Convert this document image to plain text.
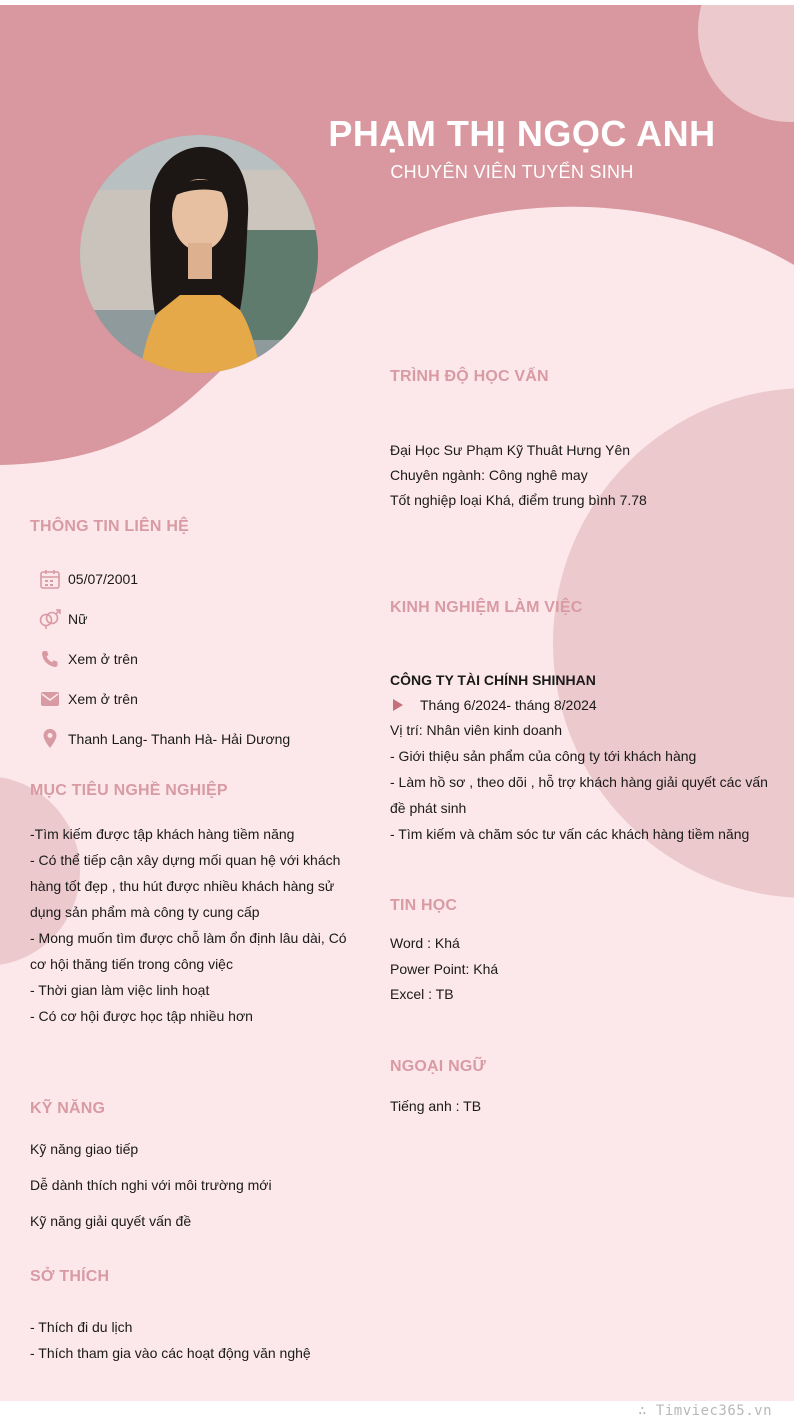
PHẠM THỊ NGỌC ANH
CHUYÊN VIÊN TUYỂN SINH
THÔNG TIN LIÊN HỆ
05/07/2001
Nữ
Xem ở trên
Xem ở trên
Thanh Lang- Thanh Hà- Hải Dương
MỤC TIÊU NGHỀ NGHIỆP

-Tìm kiếm được tập khách hàng tiềm năng

- Có thể tiếp cận xây dựng mối quan hệ với khách

hàng tốt đẹp , thu hút được nhiều khách hàng sử

dụng sản phẩm mà công ty cung cấp

- Mong muốn tìm được chỗ làm ổn định lâu dài, Có

cơ hội thăng tiến trong công việc

- Thời gian làm việc linh hoạt

- Có cơ hội được học tập nhiều hơn

KỸ NĂNG

Kỹ năng giao tiếp

Dễ dành thích nghi với môi trường mới

Kỹ năng giải quyết vấn đề

SỞ THÍCH

- Thích đi du lịch

- Thích tham gia vào các hoạt động văn nghệ

TRÌNH ĐỘ HỌC VẤN

Đại Học Sư Phạm Kỹ Thuât Hưng Yên

Chuyên ngành: Công nghê may

Tốt nghiệp loại Khá, điểm trung bình 7.78

KINH NGHIỆM LÀM VIỆC
CÔNG TY TÀI CHÍNH SHINHAN
Tháng 6/2024- tháng 8/2024

Vị trí: Nhân viên kinh doanh

- Giới thiệu sản phẩm của công ty tới khách hàng

- Làm hồ sơ , theo dõi , hỗ trợ khách hàng giải quyết các vấn

đề phát sinh

- Tìm kiếm và chăm sóc tư vấn các khách hàng tiềm năng

TIN HỌC

Word : Khá

Power Point: Khá

Excel : TB

NGOẠI NGỮ

Tiếng anh : TB

∴ Timviec365.vn
